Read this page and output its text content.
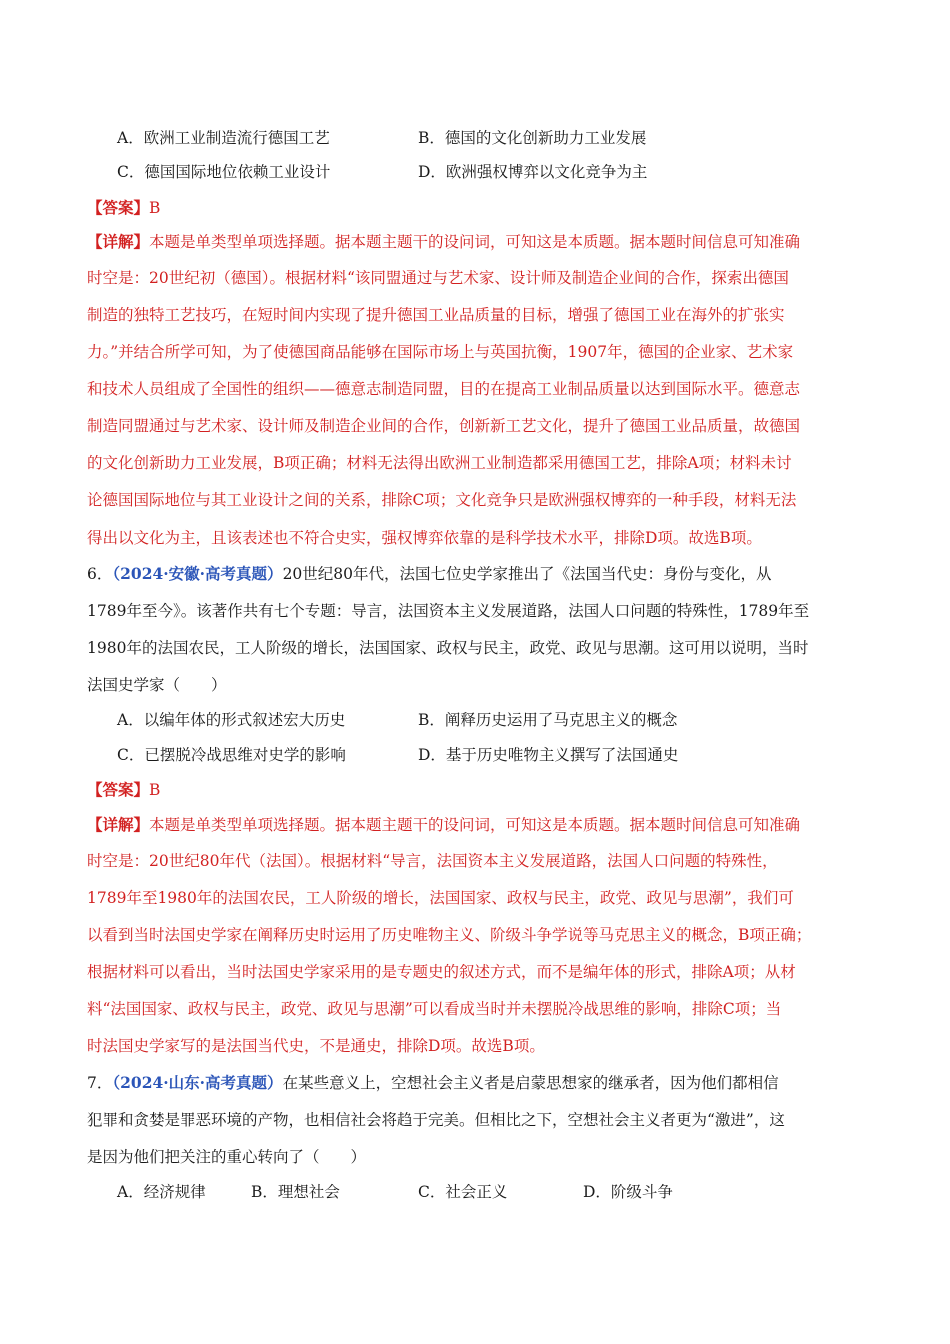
A．欧洲工业制造流行德国工艺	B．德国的文化创新助力工业发展
C．德国国际地位依赖工业设计	D．欧洲强权博弈以文化竞争为主
【答案】B
【详解】本题是单类型单项选择题。据本题主题干的设问词，可知这是本质题。据本题时间信息可知准确
时空是：20世纪初（德国）。根据材料“该同盟通过与艺术家、设计师及制造企业间的合作，探索出德国
制造的独特工艺技巧，在短时间内实现了提升德国工业品质量的目标，增强了德国工业在海外的扩张实
力。”并结合所学可知，为了使德国商品能够在国际市场上与英国抗衡，1907年，德国的企业家、艺术家
和技术人员组成了全国性的组织——德意志制造同盟，目的在提高工业制品质量以达到国际水平。德意志
制造同盟通过与艺术家、设计师及制造企业间的合作，创新新工艺文化，提升了德国工业品质量，故德国
的文化创新助力工业发展，B项正确；材料无法得出欧洲工业制造都采用德国工艺，排除A项；材料未讨
论德国国际地位与其工业设计之间的关系，排除C项；文化竞争只是欧洲强权博弈的一种手段，材料无法
得出以文化为主，且该表述也不符合史实，强权博弈依靠的是科学技术水平，排除D项。故选B项。
6．（2024·安徽·高考真题）20世纪80年代，法国七位史学家推出了《法国当代史：身份与变化，从
1789年至今》。该著作共有七个专题：导言，法国资本主义发展道路，法国人口问题的特殊性，1789年至
1980年的法国农民，工人阶级的增长，法国国家、政权与民主，政党、政见与思潮。这可用以说明，当时
法国史学家（　　）
A．以编年体的形式叙述宏大历史	B．阐释历史运用了马克思主义的概念
C．已摆脱冷战思维对史学的影响	D．基于历史唯物主义撰写了法国通史
【答案】B
【详解】本题是单类型单项选择题。据本题主题干的设问词，可知这是本质题。据本题时间信息可知准确
时空是：20世纪80年代（法国）。根据材料“导言，法国资本主义发展道路，法国人口问题的特殊性，
1789年至1980年的法国农民，工人阶级的增长，法国国家、政权与民主，政党、政见与思潮”，我们可
以看到当时法国史学家在阐释历史时运用了历史唯物主义、阶级斗争学说等马克思主义的概念，B项正确；
根据材料可以看出，当时法国史学家采用的是专题史的叙述方式，而不是编年体的形式，排除A项；从材
料“法国国家、政权与民主，政党、政见与思潮”可以看成当时并未摆脱冷战思维的影响，排除C项；当
时法国史学家写的是法国当代史，不是通史，排除D项。故选B项。
7．（2024·山东·高考真题）在某些意义上，空想社会主义者是启蒙思想家的继承者，因为他们都相信
犯罪和贪婪是罪恶环境的产物，也相信社会将趋于完美。但相比之下，空想社会主义者更为“激进”，这
是因为他们把关注的重心转向了（　　）
A．经济规律	B．理想社会	C．社会正义	D．阶级斗争
